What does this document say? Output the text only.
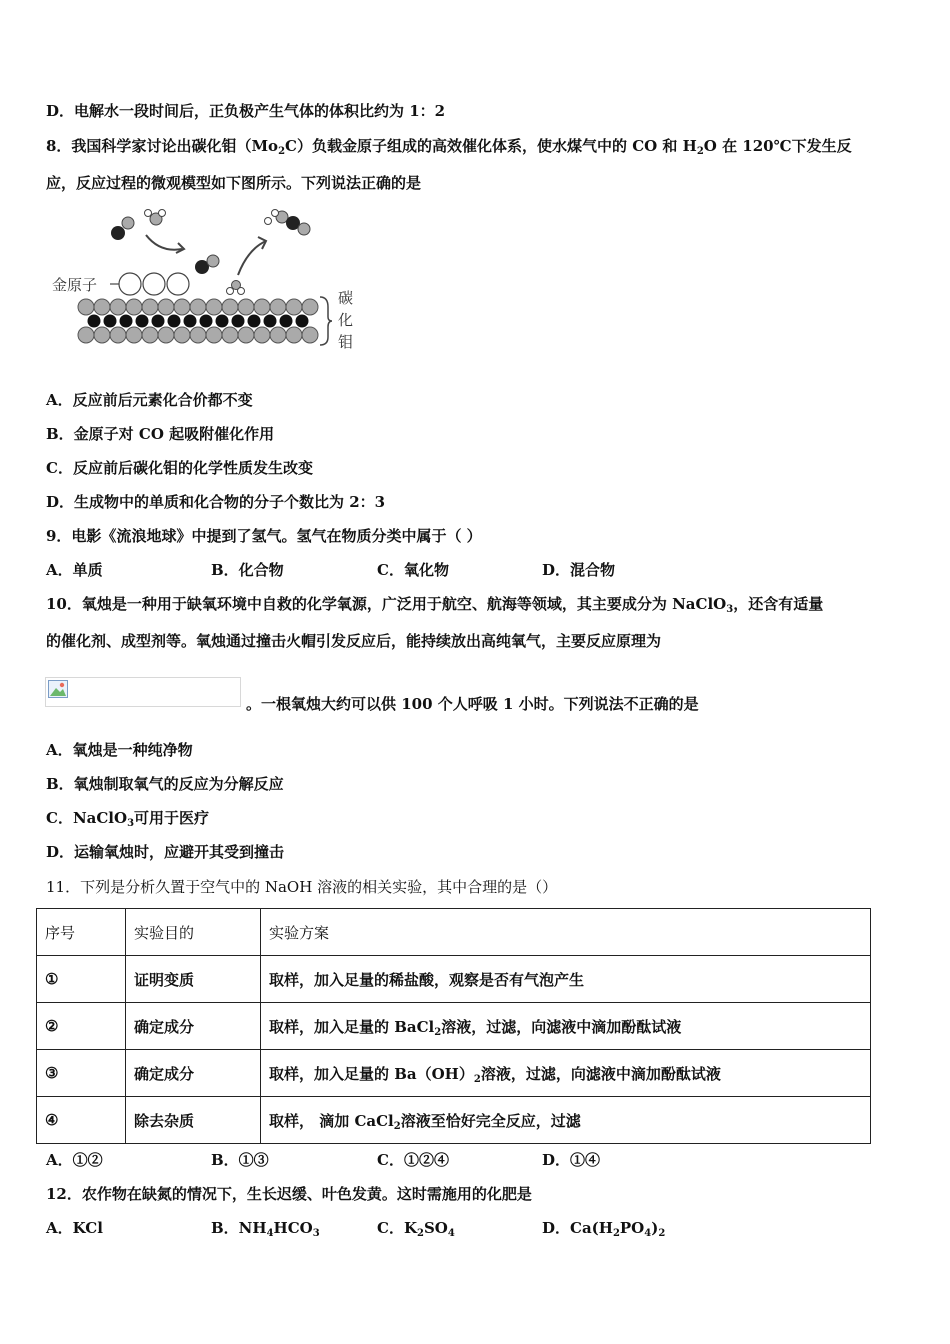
D．电解水一段时间后，正负极产生气体的体积比约为 1：2
8．我国科学家讨论出碳化钼$(Mo_2C)$负载金原子组成的高效催化体系，使水煤气中的 CO 和 $H_2O$ 在 120℃下发生反
应，反应过程的微观模型如下图所示。下列说法正确的是
金原子
碳
化
钼
A．反应前后元素化合价都不变
B．金原子对 CO 起吸附催化作用
C．反应前后碳化钼的化学性质发生改变
D．生成物中的单质和化合物的分子个数比为 2：3
9．电影《流浪地球》中提到了氢气。氢气在物质分类中属于（ ）
A．单质	B．化合物	C．氧化物	D．混合物
10．氧烛是一种用于缺氧环境中自救的化学氧源，广泛用于航空、航海等领域，其主要成分为 NaClO$_3$，还含有适量
的催化剂、成型剂等。氧烛通过撞击火帽引发反应后，能持续放出高纯氧气，主要反应原理为
。一根氧烛大约可以供 100 个人呼吸 1 小时。下列说法不正确的是
A．氧烛是一种纯净物
B．氧烛制取氧气的反应为分解反应
C．NaClO$_3$可用于医疗
D．运输氧烛时，应避开其受到撞击
11．下列是分析久置于空气中的 NaOH 溶液的相关实验，其中合理的是（）
序号	实验目的	实验方案
①	证明变质	取样，加入足量的稀盐酸，观察是否有气泡产生
②	确定成分	取样，加入足量的 BaCl$_2$溶液，过滤，向滤液中滴加酚酞试液
③	确定成分	取样，加入足量的 $Ba(OH)_2$溶液，过滤，向滤液中滴加酚酞试液
④	除去杂质	取样， 滴加 CaCl$_2$溶液至恰好完全反应，过滤
A．①②	B．①③	C．①②④	D．①④
12．农作物在缺氮的情况下，生长迟缓、叶色发黄。这时需施用的化肥是
A．KCl	B．$NH_4HCO_3$	C．$K_2SO_4$	D．$Ca(H_2PO_4)_2$
